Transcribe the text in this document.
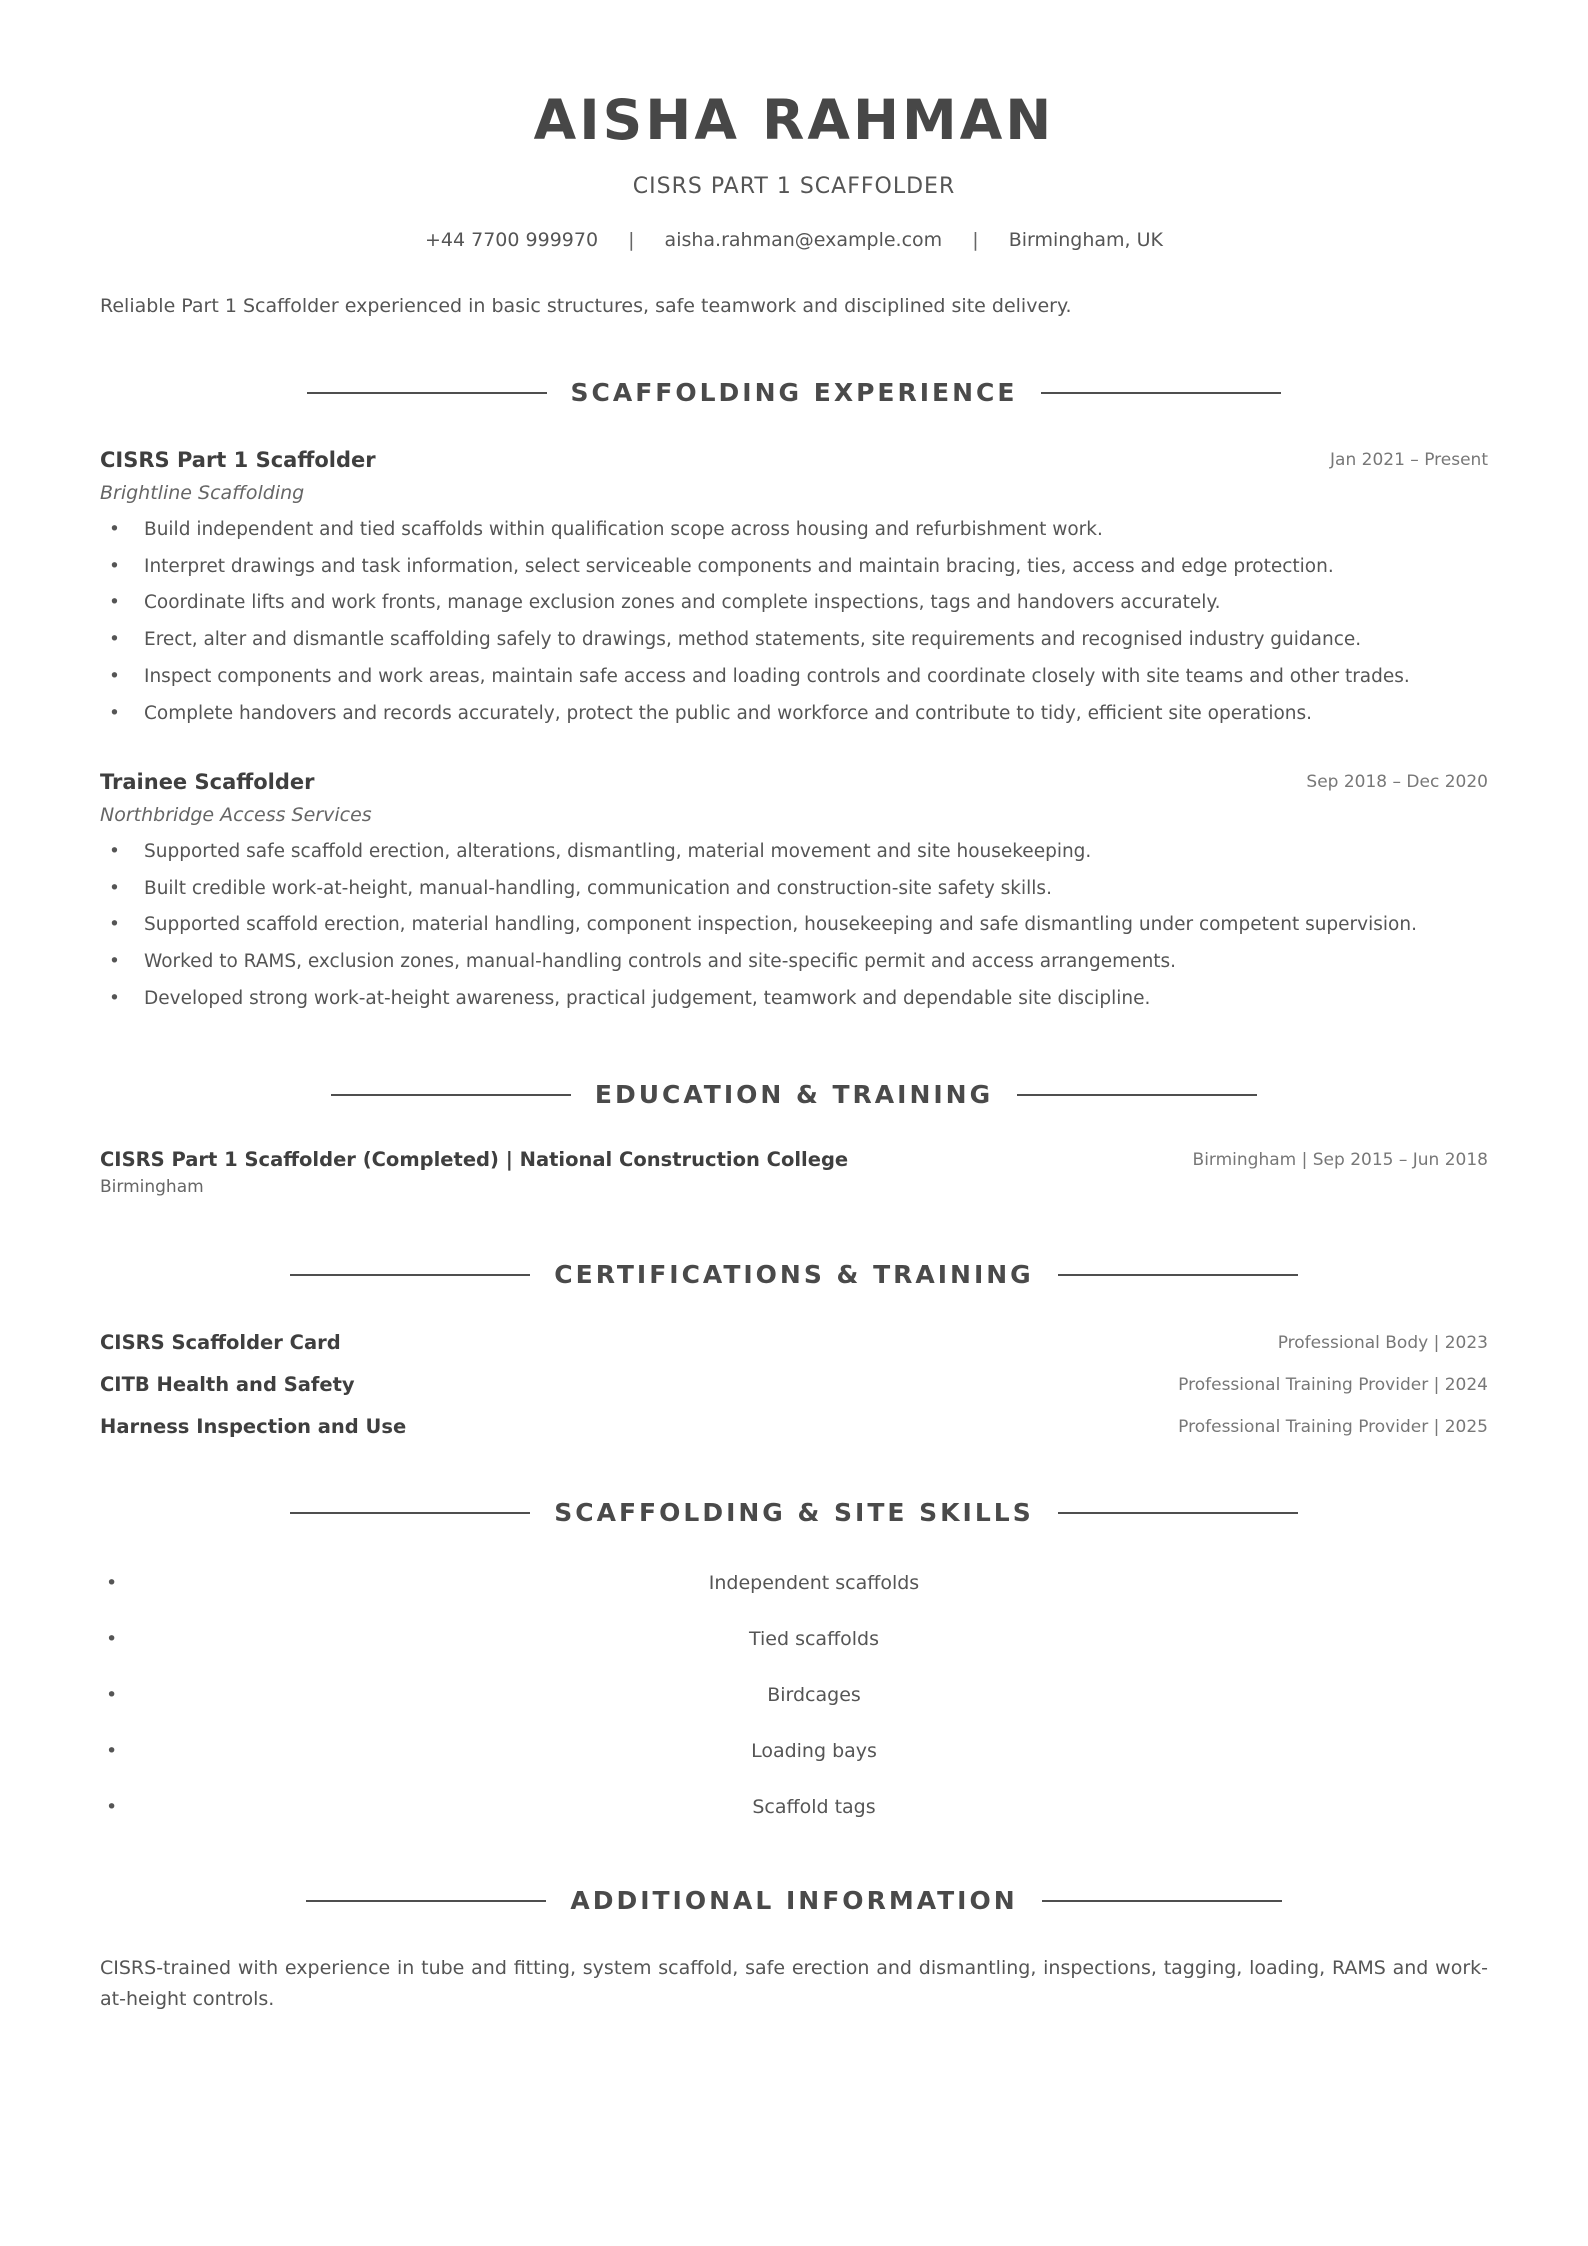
AISHA RAHMAN
CISRS PART 1 SCAFFOLDER
+44 7700 999970 | aisha.rahman@example.com | Birmingham, UK
Reliable Part 1 Scaffolder experienced in basic structures, safe teamwork and disciplined site delivery.
SCAFFOLDING EXPERIENCE
CISRS Part 1 Scaffolder	Jan 2021 – Present
Brightline Scaffolding
• Build independent and tied scaffolds within qualification scope across housing and refurbishment work.
• Interpret drawings and task information, select serviceable components and maintain bracing, ties, access and edge protection.
• Coordinate lifts and work fronts, manage exclusion zones and complete inspections, tags and handovers accurately.
• Erect, alter and dismantle scaffolding safely to drawings, method statements, site requirements and recognised industry guidance.
• Inspect components and work areas, maintain safe access and loading controls and coordinate closely with site teams and other trades.
• Complete handovers and records accurately, protect the public and workforce and contribute to tidy, efficient site operations.
Trainee Scaffolder	Sep 2018 – Dec 2020
Northbridge Access Services
• Supported safe scaffold erection, alterations, dismantling, material movement and site housekeeping.
• Built credible work-at-height, manual-handling, communication and construction-site safety skills.
• Supported scaffold erection, material handling, component inspection, housekeeping and safe dismantling under competent supervision.
• Worked to RAMS, exclusion zones, manual-handling controls and site-specific permit and access arrangements.
• Developed strong work-at-height awareness, practical judgement, teamwork and dependable site discipline.
EDUCATION & TRAINING
CISRS Part 1 Scaffolder (Completed) | National Construction College	Birmingham | Sep 2015 – Jun 2018
Birmingham
CERTIFICATIONS & TRAINING
CISRS Scaffolder Card	Professional Body | 2023
CITB Health and Safety	Professional Training Provider | 2024
Harness Inspection and Use	Professional Training Provider | 2025
SCAFFOLDING & SITE SKILLS
•	Independent scaffolds
•	Tied scaffolds
•	Birdcages
•	Loading bays
•	Scaffold tags
ADDITIONAL INFORMATION
CISRS-trained with experience in tube and fitting, system scaffold, safe erection and dismantling, inspections, tagging, loading, RAMS and work-at-height controls.
